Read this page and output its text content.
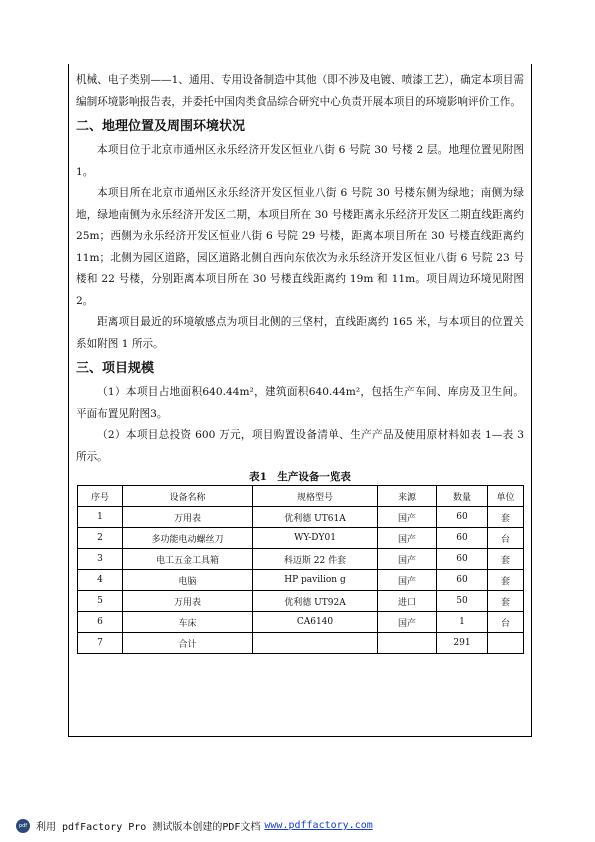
机械、电子类别——1、通用、专用设备制造中其他（即不涉及电镀、喷漆工艺），确定本项目需编制环境影响报告表，并委托中国肉类食品综合研究中心负责开展本项目的环境影响评价工作。

二、地理位置及周围环境状况

本项目位于北京市通州区永乐经济开发区恒业八街 6 号院 30 号楼 2 层。地理位置见附图 1。

本项目所在北京市通州区永乐经济开发区恒业八街 6 号院 30 号楼东侧为绿地；南侧为绿地，绿地南侧为永乐经济开发区二期，本项目所在 30 号楼距离永乐经济开发区二期直线距离约 25m；西侧为永乐经济开发区恒业八街 6 号院 29 号楼，距离本项目所在 30 号楼直线距离约 11m；北侧为园区道路，园区道路北侧自西向东依次为永乐经济开发区恒业八街 6 号院 23 号楼和 22 号楼，分别距离本项目所在 30 号楼直线距离约 19m 和 11m。项目周边环境见附图 2。

距离项目最近的环境敏感点为项目北侧的三垡村，直线距离约 165 米，与本项目的位置关系如附图 1 所示。

三、项目规模

（1）本项目占地面积640.44m²，建筑面积640.44m²，包括生产车间、库房及卫生间。平面布置见附图3。

（2）本项目总投资 600 万元，项目购置设备清单、生产产品及使用原材料如表 1—表 3 所示。

表1　生产设备一览表
序号	设备名称	规格型号	来源	数量	单位
1	万用表	优利德 UT61A	国产	60	套
2	多功能电动螺丝刀	WY-DY01	国产	60	台
3	电工五金工具箱	科迈斯 22 件套	国产	60	套
4	电脑	HP pavilion g	国产	60	套
5	万用表	优利德 UT92A	进口	50	套
6	车床	CA6140	国产	1	台
7	合计			291	
pdf 利用 pdfFactory Pro 测试版本创建的PDF文档 www.pdffactory.com
